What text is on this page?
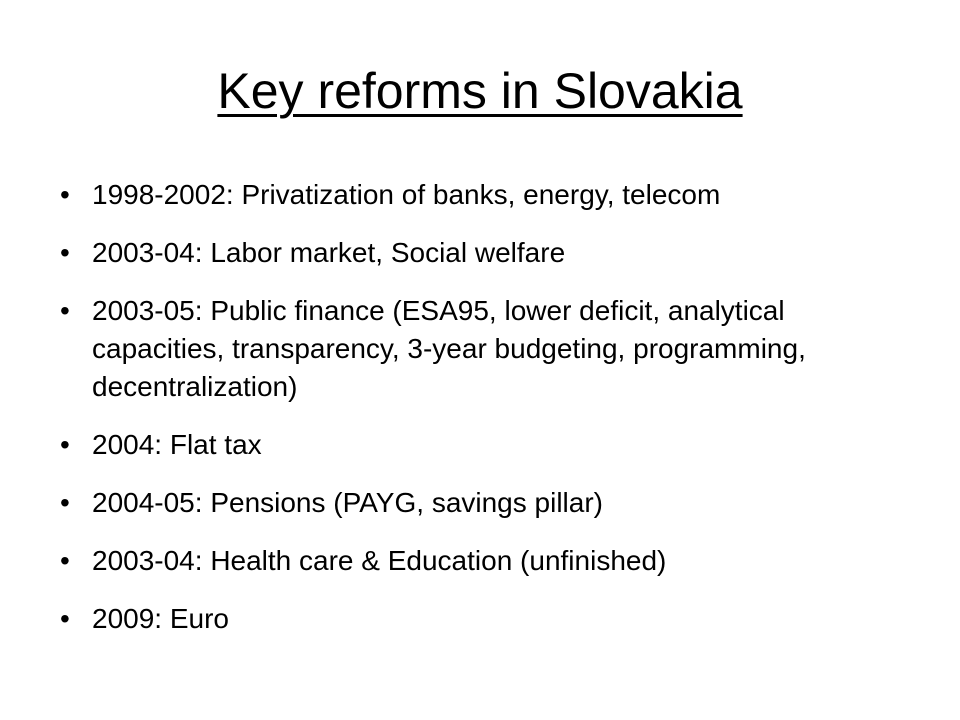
Key reforms in Slovakia
• 1998-2002: Privatization of banks, energy, telecom
• 2003-04: Labor market, Social welfare
• 2003-05: Public finance (ESA95, lower deficit, analytical capacities, transparency, 3-year budgeting, programming, decentralization)
• 2004: Flat tax
• 2004-05: Pensions (PAYG, savings pillar)
• 2003-04: Health care & Education (unfinished)
• 2009: Euro
